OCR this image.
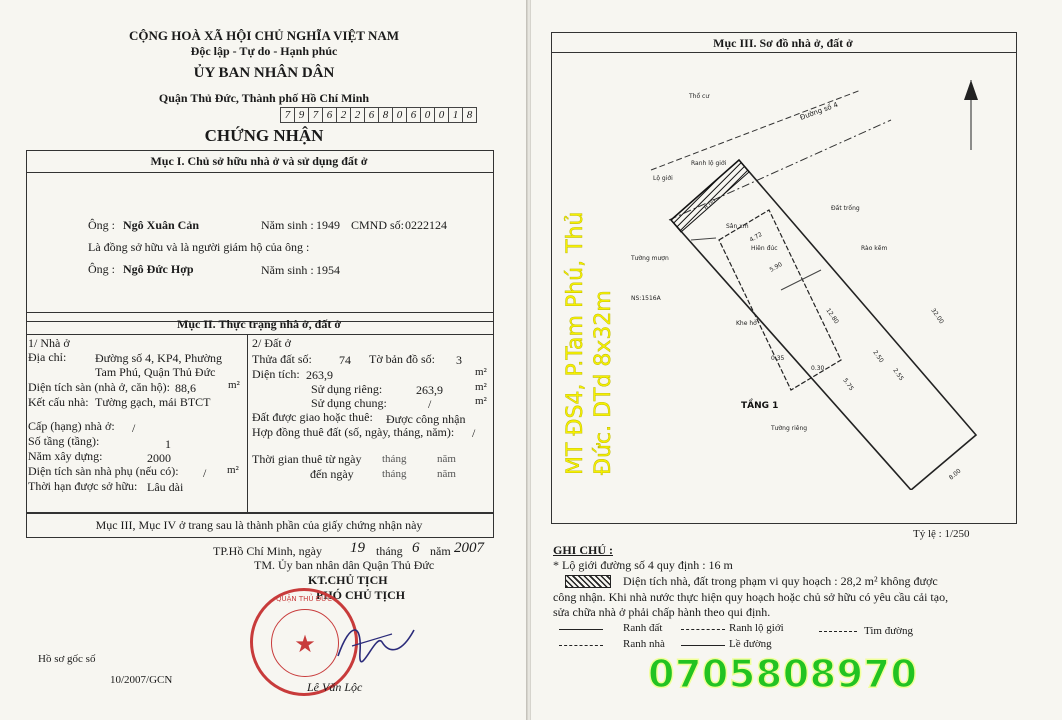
CỘNG HOÀ XÃ HỘI CHỦ NGHĨA VIỆT NAM
Độc lập - Tự do - Hạnh phúc
ỦY BAN NHÂN DÂN
Quận Thủ Đức, Thành phố Hồ Chí Minh
7 9 7 6 2 2 6 8 0 6 0 0 1 8
CHỨNG NHẬN
Mục I. Chủ sở hữu nhà ở và sử dụng đất ở
Ông : Ngô Xuân Cản	Năm sinh : 1949 CMND số: 0222124
Là đồng sở hữu và là người giám hộ của ông :
Ông : Ngô Đức Hợp	Năm sinh : 1954
Mục II. Thực trạng nhà ở, đất ở
1/ Nhà ở
Địa chỉ: Đường số 4, KP4, Phường
Tam Phú, Quận Thủ Đức
Diện tích sàn (nhà ở, căn hộ): 88,6	m²
Kết cấu nhà: Tường gạch, mái BTCT
Cấp (hạng) nhà ở: /
Số tầng (tầng):	1
Năm xây dựng:	2000
Diện tích sàn nhà phụ (nếu có): / m²
Thời hạn được sở hữu: Lâu dài
2/ Đất ở
Thửa đất số: 74 Tờ bản đồ số: 3
Diện tích: 263,9	m²
Sử dụng riêng:	263,9	m²
Sử dụng chung:	/	m²
Đất được giao hoặc thuê: Được công nhận
Hợp đồng thuê đất (số, ngày, tháng, năm): /
Thời gian thuê từ ngày tháng	năm
đến ngày	tháng	năm
Mục III, Mục IV ở trang sau là thành phần của giấy chứng nhận này
TP.Hồ Chí Minh, ngày 19 tháng 6 năm 2007
TM. Ủy ban nhân dân Quận Thủ Đức
KT.CHỦ TỊCH
PHÓ CHỦ TỊCH
QUẬN THỦ ĐỨC
★
Lê Văn Lộc
Hồ sơ gốc số
10/2007/GCN
Mục III. Sơ đồ nhà ở, đất ở
Thổ cư
Sân xm
Rào kẽm
Tường mượn
Hiên đúc
Đất trống
Tường riêng
Khe hở
NS:1516A
Lộ giới
Ranh lộ giới
8.00
32.00
12.80
4.72
5.90
2.55
0.35
5.75
0.30
8.00
2.50
Đường số 4
TẦNG 1
Tỷ lệ : 1/250
GHI CHÚ :
* Lộ giới đường số 4 quy định : 16 m
Diện tích nhà, đất trong phạm vi quy hoạch : 28,2 m² không được
công nhận. Khi nhà nước thực hiện quy hoạch hoặc chủ sở hữu có yêu cầu cải tạo,
sửa chữa nhà ở phải chấp hành theo qui định.
Ranh đất	Ranh lộ giới	Tim đường
Ranh nhà	Lề đường
MT ĐS4, P.Tam Phú, Thủ Đức. DTd 8x32m
0705808970
